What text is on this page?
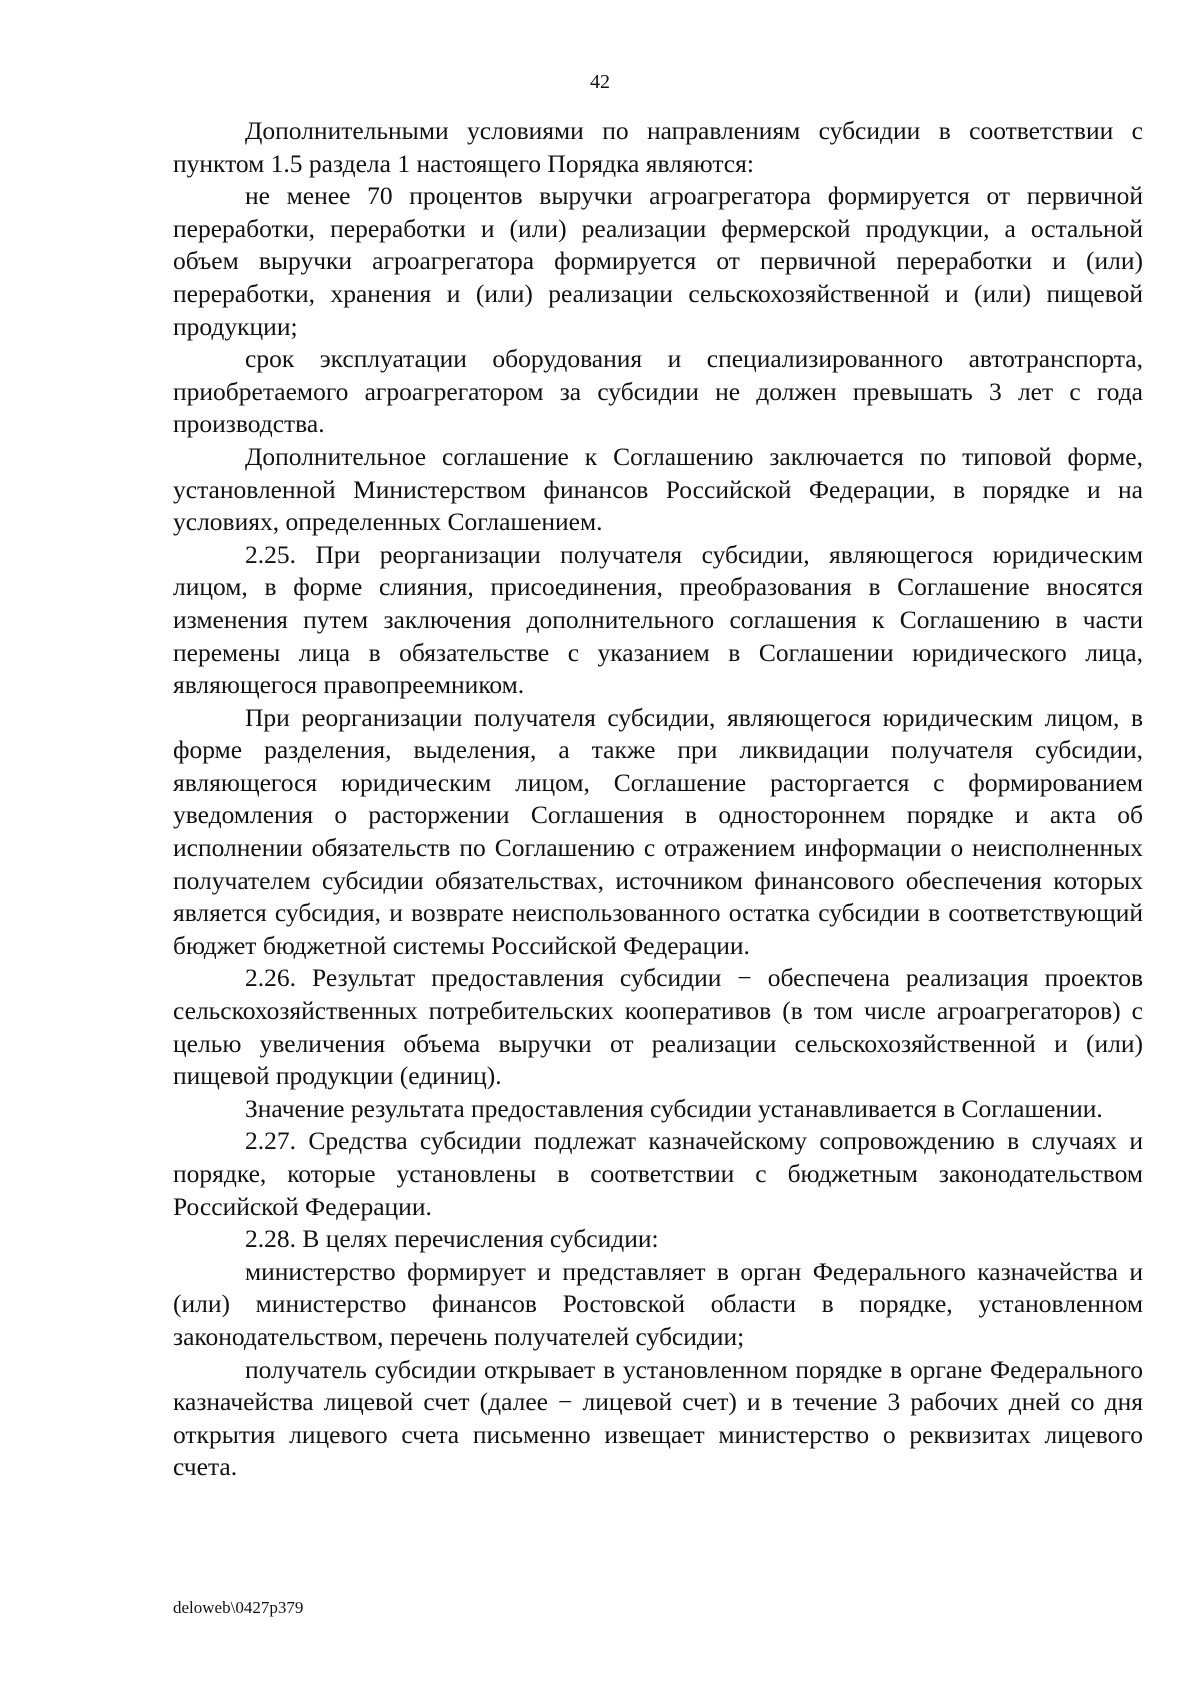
42

Дополнительными условиями по направлениям субсидии в соответствии с пунктом 1.5 раздела 1 настоящего Порядка являются:

не менее 70 процентов выручки агроагрегатора формируется от первичной переработки, переработки и (или) реализации фермерской продукции, а остальной объем выручки агроагрегатора формируется от первичной переработки и (или) переработки, хранения и (или) реализации сельскохозяйственной и (или) пищевой продукции;

срок эксплуатации оборудования и специализированного автотранспорта, приобретаемого агроагрегатором за субсидии не должен превышать 3 лет с года производства.

Дополнительное соглашение к Соглашению заключается по типовой форме, установленной Министерством финансов Российской Федерации, в порядке и на условиях, определенных Соглашением.

2.25. При реорганизации получателя субсидии, являющегося юридическим лицом, в форме слияния, присоединения, преобразования в Соглашение вносятся изменения путем заключения дополнительного соглашения к Соглашению в части перемены лица в обязательстве с указанием в Соглашении юридического лица, являющегося правопреемником.

При реорганизации получателя субсидии, являющегося юридическим лицом, в форме разделения, выделения, а также при ликвидации получателя субсидии, являющегося юридическим лицом, Соглашение расторгается с формированием уведомления о расторжении Соглашения в одностороннем порядке и акта об исполнении обязательств по Соглашению с отражением информации о неисполненных получателем субсидии обязательствах, источником финансового обеспечения которых является субсидия, и возврате неиспользованного остатка субсидии в соответствующий бюджет бюджетной системы Российской Федерации.

2.26. Результат предоставления субсидии − обеспечена реализация проектов сельскохозяйственных потребительских кооперативов (в том числе агроагрегаторов) с целью увеличения объема выручки от реализации сельскохозяйственной и (или) пищевой продукции (единиц).

Значение результата предоставления субсидии устанавливается в Соглашении.

2.27. Средства субсидии подлежат казначейскому сопровождению в случаях и порядке, которые установлены в соответствии с бюджетным законодательством Российской Федерации.

2.28. В целях перечисления субсидии:

министерство формирует и представляет в орган Федерального казначейства и (или) министерство финансов Ростовской области в порядке, установленном законодательством, перечень получателей субсидии;

получатель субсидии открывает в установленном порядке в органе Федерального казначейства лицевой счет (далее − лицевой счет) и в течение 3 рабочих дней со дня открытия лицевого счета письменно извещает министерство о реквизитах лицевого счета.

deloweb\0427p379
